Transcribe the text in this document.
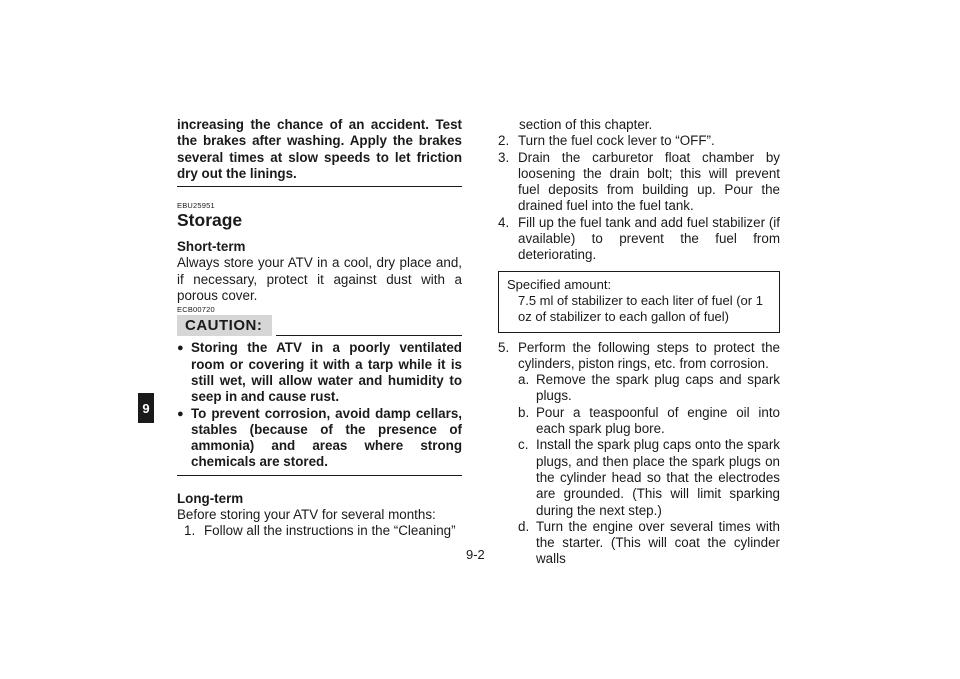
9
increasing the chance of an accident. Test the brakes after washing. Apply the brakes several times at slow speeds to let friction dry out the linings.
EBU25951
Storage
Short-term
Always store your ATV in a cool, dry place and, if necessary, protect it against dust with a porous cover.
ECB00720
CAUTION:
● Storing the ATV in a poorly ventilated room or covering it with a tarp while it is still wet, will allow water and humidity to seep in and cause rust.
● To prevent corrosion, avoid damp cellars, stables (because of the presence of ammonia) and areas where strong chemicals are stored.
Long-term
Before storing your ATV for several months:
1. Follow all the instructions in the “Cleaning”
section of this chapter.
2. Turn the fuel cock lever to “OFF”.
3. Drain the carburetor float chamber by loosening the drain bolt; this will prevent fuel deposits from building up. Pour the drained fuel into the fuel tank.
4. Fill up the fuel tank and add fuel stabilizer (if available) to prevent the fuel from deteriorating.
Specified amount:
7.5 ml of stabilizer to each liter of fuel (or 1 oz of stabilizer to each gallon of fuel)
5. Perform the following steps to protect the cylinders, piston rings, etc. from corrosion.
a. Remove the spark plug caps and spark plugs.
b. Pour a teaspoonful of engine oil into each spark plug bore.
c. Install the spark plug caps onto the spark plugs, and then place the spark plugs on the cylinder head so that the electrodes are grounded. (This will limit sparking during the next step.)
d. Turn the engine over several times with the starter. (This will coat the cylinder walls
9-2
